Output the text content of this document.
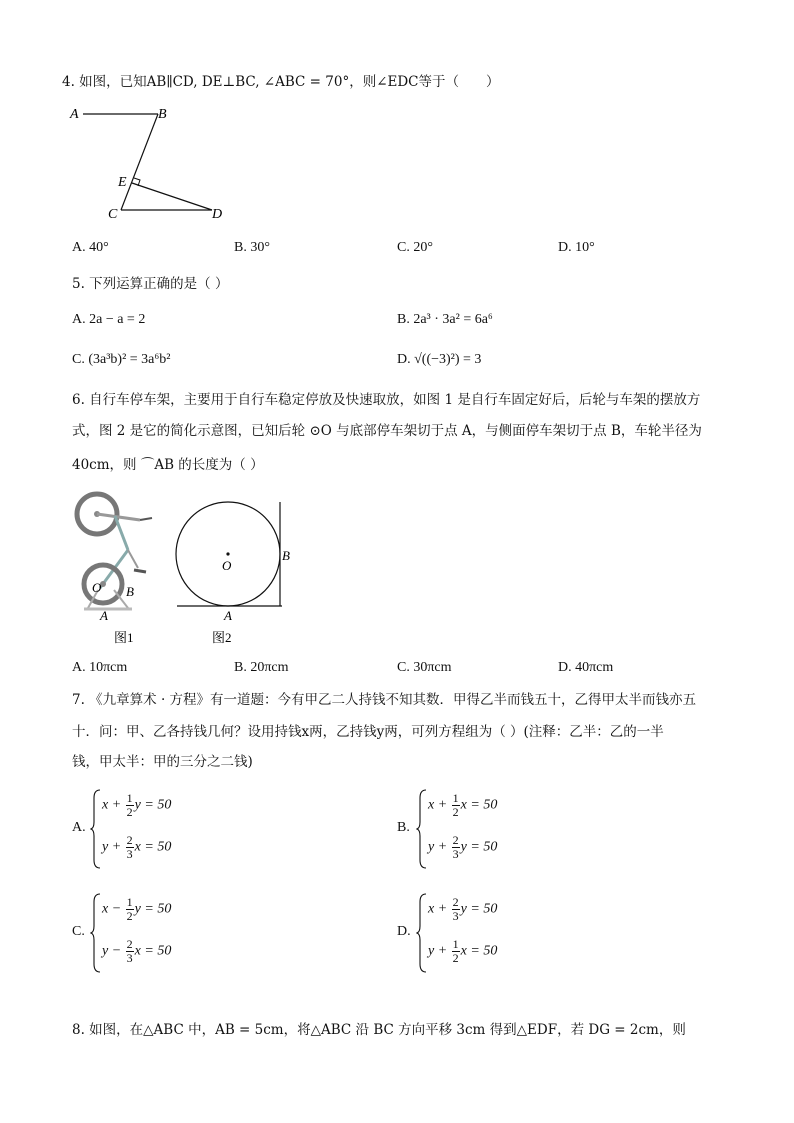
4. 如图，已知AB∥CD, DE⊥BC, ∠ABC = 70°，则∠EDC等于（　　）
A	B
E
C	D
A. 40°	B. 30°	C. 20°	D. 10°
5. 下列运算正确的是（ ）
A. 2a − a = 2	B. 2a³ · 3a² = 6a⁶
C. (3a³b)² = 3a⁶b²	D. √((−3)²) = 3
6. 自行车停车架，主要用于自行车稳定停放及快速取放，如图 1 是自行车固定好后，后轮与车架的摆放方
式，图 2 是它的简化示意图，已知后轮 ⊙O 与底部停车架切于点 A，与侧面停车架切于点 B，车轮半径为
40cm，则 ⌒AB 的长度为（ ）
O B
A
图1
O
B
A
图2
A. 10πcm	B. 20πcm	C. 30πcm	D. 40πcm
7. 《九章算术 · 方程》有一道题：今有甲乙二人持钱不知其数．甲得乙半而钱五十，乙得甲太半而钱亦五
十．问：甲、乙各持钱几何？设用持钱x两，乙持钱y两，可列方程组为（ ）(注释：乙半：乙的一半
钱，甲太半：甲的三分之二钱)
A.
$x + \frac{1}{2}$ y = 50
$y + \frac{2}{3}$ x = 50
B.
$x + \frac{1}{2}$ x = 50
$y + \frac{2}{3}$ y = 50
C.
$x - \frac{1}{2}$ y = 50
$y - \frac{2}{3}$ x = 50
D.
$x + \frac{2}{3}$ y = 50
$y + \frac{1}{2}$ x = 50
8. 如图，在△ABC 中，AB = 5cm，将△ABC 沿 BC 方向平移 3cm 得到△EDF，若 DG = 2cm，则
